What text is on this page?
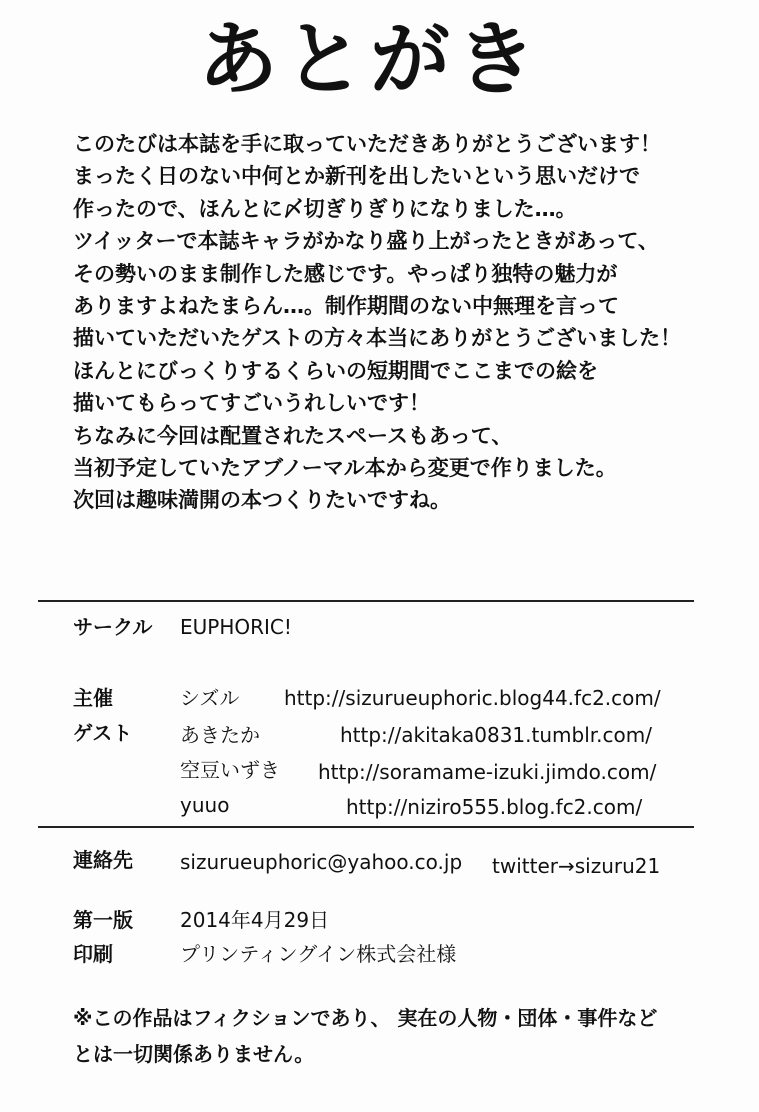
あとがき
このたびは本誌を手に取っていただきありがとうございます！
まったく日のない中何とか新刊を出したいという思いだけで
作ったので、ほんとに〆切ぎりぎりになりました…。
ツイッターで本誌キャラがかなり盛り上がったときがあって、
その勢いのまま制作した感じです。やっぱり独特の魅力が
ありますよねたまらん…。制作期間のない中無理を言って
描いていただいたゲストの方々本当にありがとうございました！
ほんとにびっくりするくらいの短期間でここまでの絵を
描いてもらってすごいうれしいです！
ちなみに今回は配置されたスペースもあって、
当初予定していたアブノーマル本から変更で作りました。
次回は趣味満開の本つくりたいですね。
サークル EUPHORIC!
主催	シズル http://sizurueuphoric.blog44.fc2.com/
ゲスト あきたか	http://akitaka0831.tumblr.com/
空豆いずき http://soramame-izuki.jimdo.com/
yuuo	http://niziro555.blog.fc2.com/
連絡先 sizurueuphoric@yahoo.co.jp twitter→sizuru21
第一版 2014年4月29日
印刷	プリンティングイン株式会社様
※この作品はフィクションであり、 実在の人物・団体・事件など
とは一切関係ありません。
